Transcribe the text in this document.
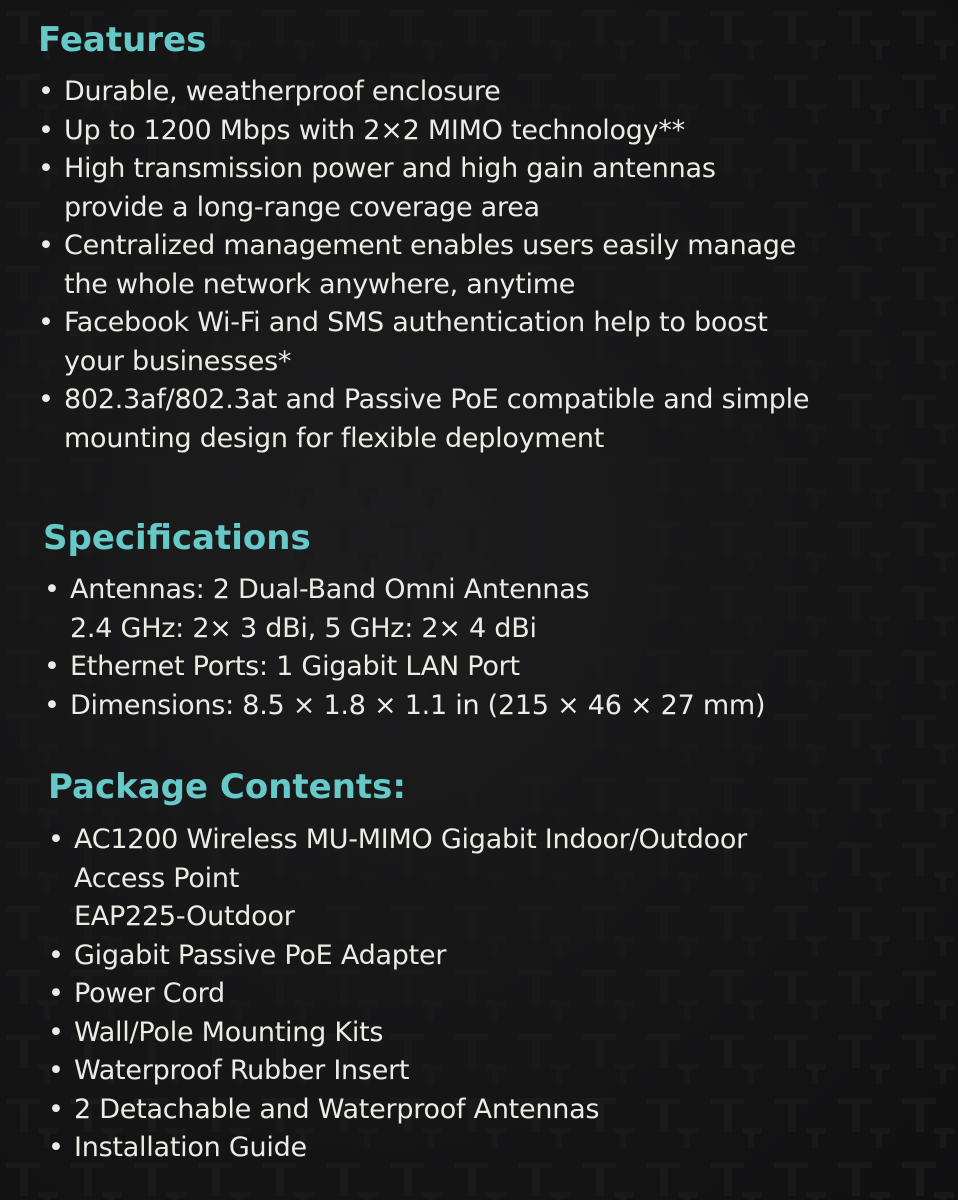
Features
• Durable, weatherproof enclosure
• Up to 1200 Mbps with 2×2 MIMO technology**
• High transmission power and high gain antennas
provide a long-range coverage area
• Centralized management enables users easily manage
the whole network anywhere, anytime
• Facebook Wi-Fi and SMS authentication help to boost
your businesses*
• 802.3af/802.3at and Passive PoE compatible and simple
mounting design for flexible deployment
Specifications
• Antennas: 2 Dual-Band Omni Antennas
2.4 GHz: 2× 3 dBi, 5 GHz: 2× 4 dBi
• Ethernet Ports: 1 Gigabit LAN Port
• Dimensions: 8.5 × 1.8 × 1.1 in (215 × 46 × 27 mm)
Package Contents:
• AC1200 Wireless MU-MIMO Gigabit Indoor/Outdoor
Access Point
EAP225-Outdoor
• Gigabit Passive PoE Adapter
• Power Cord
• Wall/Pole Mounting Kits
• Waterproof Rubber Insert
• 2 Detachable and Waterproof Antennas
• Installation Guide
